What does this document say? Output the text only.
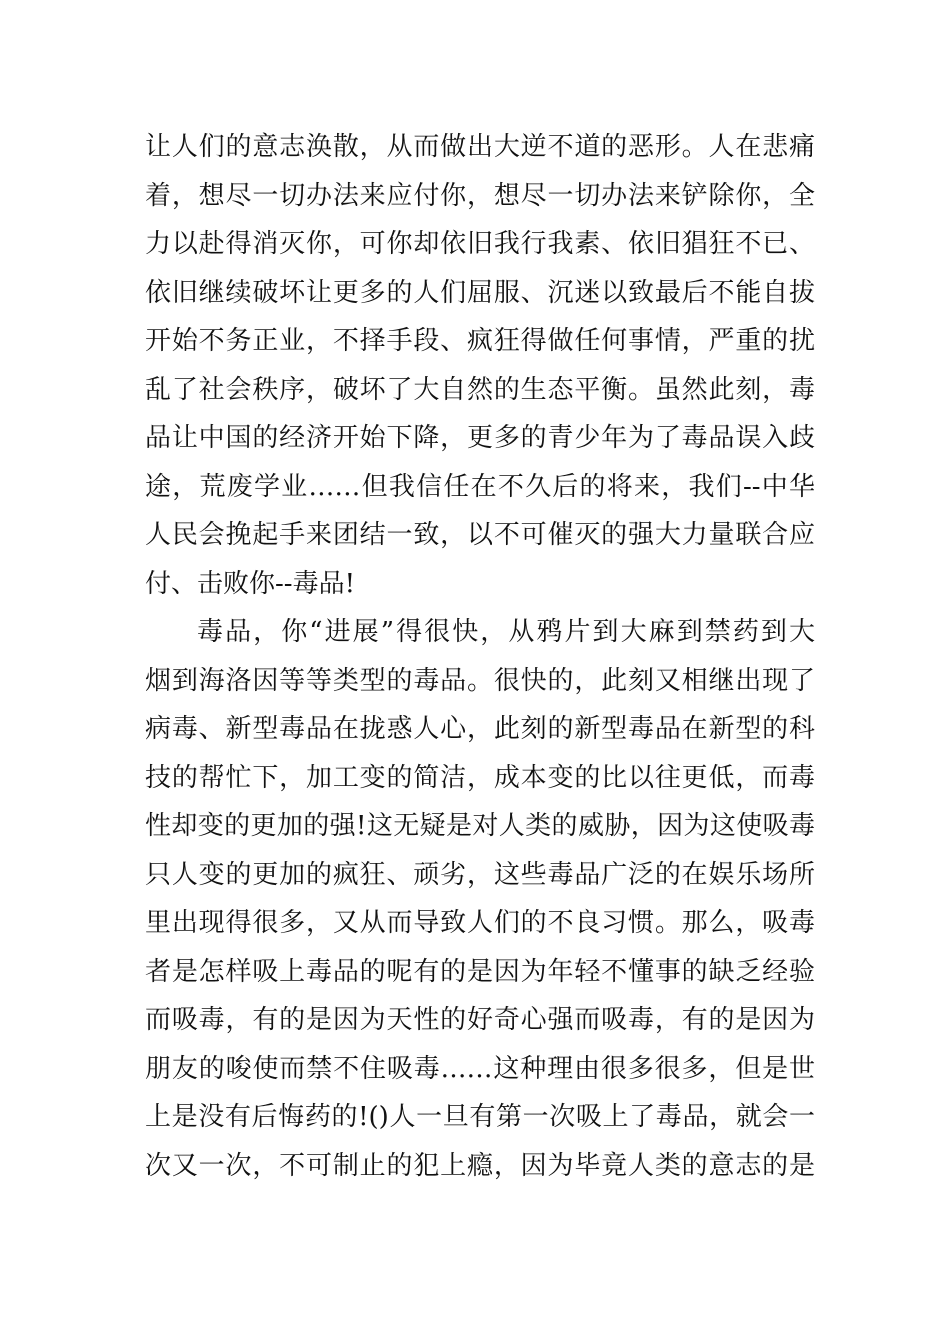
让人们的意志涣散，从而做出大逆不道的恶形。人在悲痛
着，想尽一切办法来应付你，想尽一切办法来铲除你，全
力以赴得消灭你，可你却依旧我行我素、依旧猖狂不已、
依旧继续破坏让更多的人们屈服、沉迷以致最后不能自拔
开始不务正业，不择手段、疯狂得做任何事情，严重的扰
乱了社会秩序，破坏了大自然的生态平衡。虽然此刻，毒
品让中国的经济开始下降，更多的青少年为了毒品误入歧
途，荒废学业……但我信任在不久后的将来，我们--中华
人民会挽起手来团结一致，以不可催灭的强大力量联合应
付、击败你--毒品!
毒品，你“进展”得很快，从鸦片到大麻到禁药到大
烟到海洛因等等类型的毒品。很快的，此刻又相继出现了
病毒、新型毒品在拢惑人心，此刻的新型毒品在新型的科
技的帮忙下，加工变的简洁，成本变的比以往更低，而毒
性却变的更加的强!这无疑是对人类的威胁，因为这使吸毒
只人变的更加的疯狂、顽劣，这些毒品广泛的在娱乐场所
里出现得很多，又从而导致人们的不良习惯。那么，吸毒
者是怎样吸上毒品的呢有的是因为年轻不懂事的缺乏经验
而吸毒，有的是因为天性的好奇心强而吸毒，有的是因为
朋友的唆使而禁不住吸毒……这种理由很多很多，但是世
上是没有后悔药的!()人一旦有第一次吸上了毒品，就会一
次又一次，不可制止的犯上瘾，因为毕竟人类的意志的是
